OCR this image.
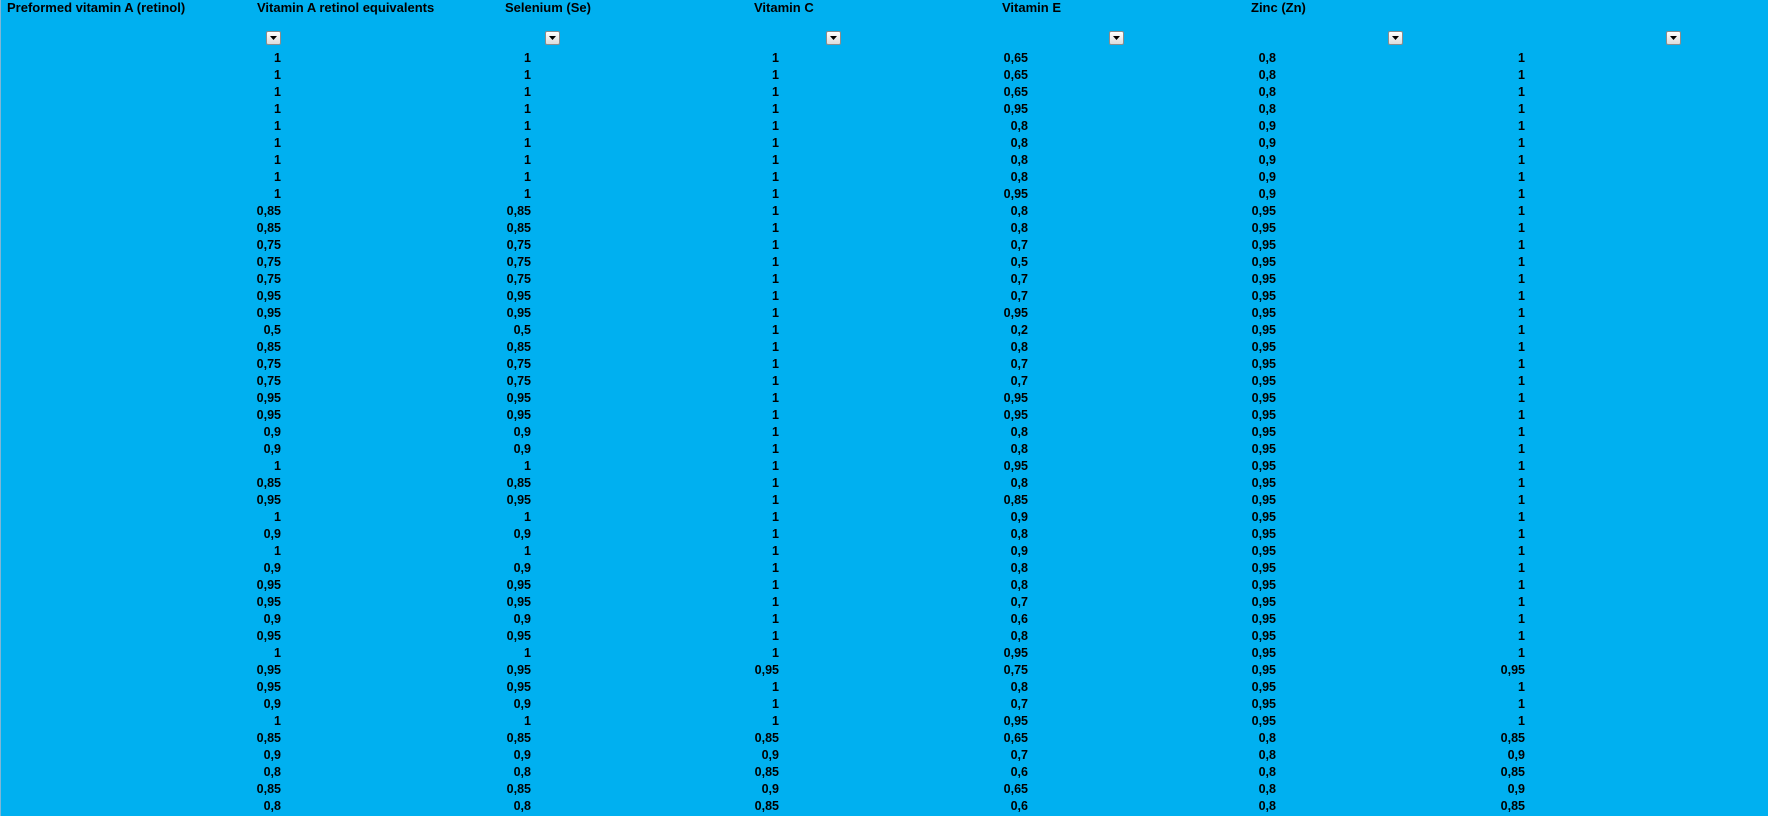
Preformed vitamin A (retinol)
1
1
1
1
1
1
1
1
1
0,85
0,85
0,75
0,75
0,75
0,95
0,95
0,5
0,85
0,75
0,75
0,95
0,95
0,9
0,9
1
0,85
0,95
1
0,9
1
0,9
0,95
0,95
0,9
0,95
1
0,95
0,95
0,9
1
0,85
0,9
0,8
0,85
0,8
Vitamin A retinol equivalents
1
1
1
1
1
1
1
1
1
0,85
0,85
0,75
0,75
0,75
0,95
0,95
0,5
0,85
0,75
0,75
0,95
0,95
0,9
0,9
1
0,85
0,95
1
0,9
1
0,9
0,95
0,95
0,9
0,95
1
0,95
0,95
0,9
1
0,85
0,9
0,8
0,85
0,8
Selenium (Se)
1
1
1
1
1
1
1
1
1
1
1
1
1
1
1
1
1
1
1
1
1
1
1
1
1
1
1
1
1
1
1
1
1
1
1
1
0,95
1
1
1
0,85
0,9
0,85
0,9
0,85
Vitamin C
0,65
0,65
0,65
0,95
0,8
0,8
0,8
0,8
0,95
0,8
0,8
0,7
0,5
0,7
0,7
0,95
0,2
0,8
0,7
0,7
0,95
0,95
0,8
0,8
0,95
0,8
0,85
0,9
0,8
0,9
0,8
0,8
0,7
0,6
0,8
0,95
0,75
0,8
0,7
0,95
0,65
0,7
0,6
0,65
0,6
Vitamin E
0,8
0,8
0,8
0,8
0,9
0,9
0,9
0,9
0,9
0,95
0,95
0,95
0,95
0,95
0,95
0,95
0,95
0,95
0,95
0,95
0,95
0,95
0,95
0,95
0,95
0,95
0,95
0,95
0,95
0,95
0,95
0,95
0,95
0,95
0,95
0,95
0,95
0,95
0,95
0,95
0,8
0,8
0,8
0,8
0,8
Zinc (Zn)
1
1
1
1
1
1
1
1
1
1
1
1
1
1
1
1
1
1
1
1
1
1
1
1
1
1
1
1
1
1
1
1
1
1
1
1
0,95
1
1
1
0,85
0,9
0,85
0,9
0,85
